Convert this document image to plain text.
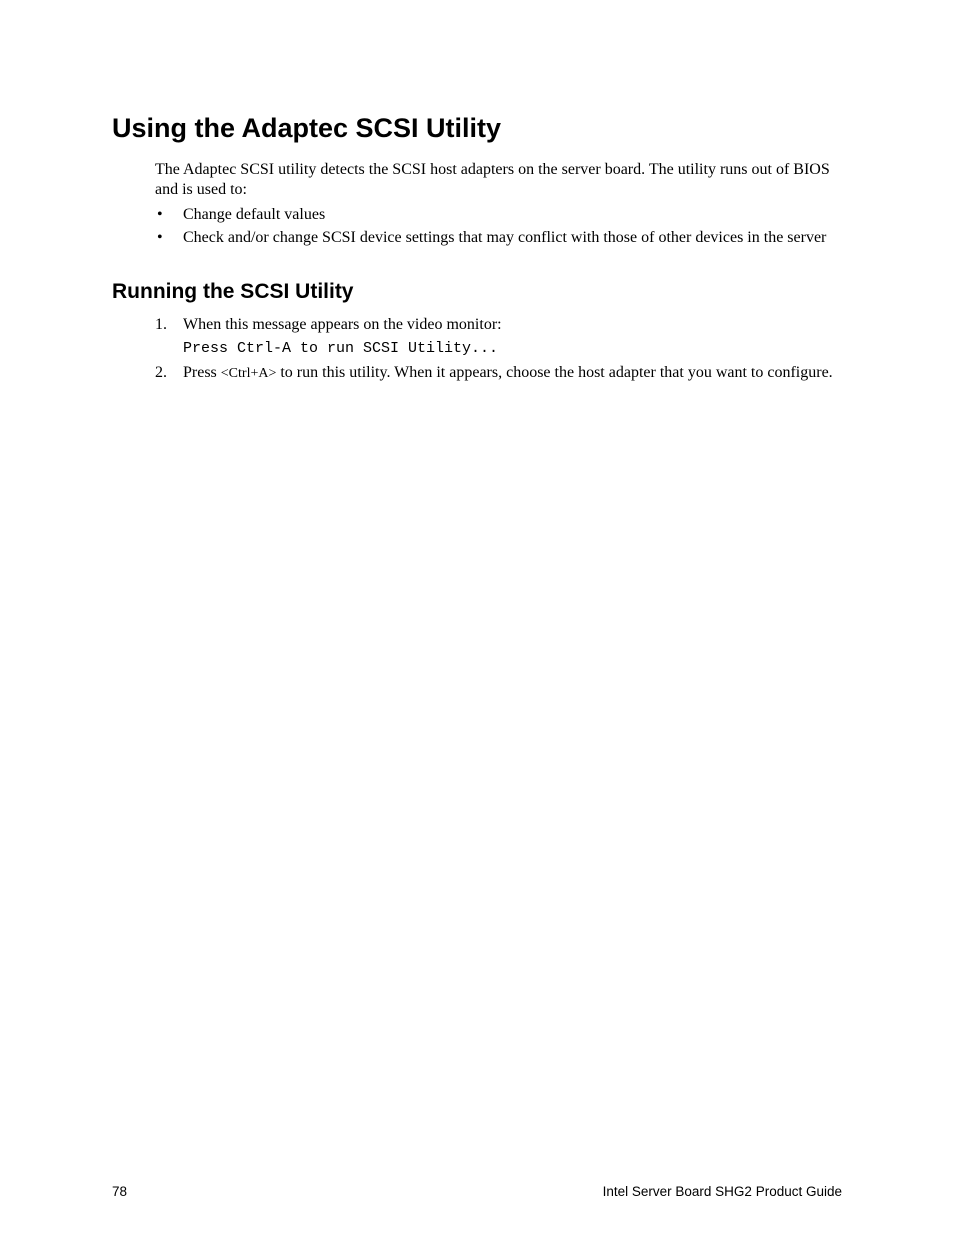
Using the Adaptec SCSI Utility

The Adaptec SCSI utility detects the SCSI host adapters on the server board. The utility runs out of BIOS and is used to:

• Change default values
• Check and/or change SCSI device settings that may conflict with those of other devices in the server
Running the SCSI Utility
1. When this message appears on the video monitor:
Press Ctrl-A to run SCSI Utility...
2. Press <Ctrl+A> to run this utility. When it appears, choose the host adapter that you want to configure.
78	Intel Server Board SHG2 Product Guide
